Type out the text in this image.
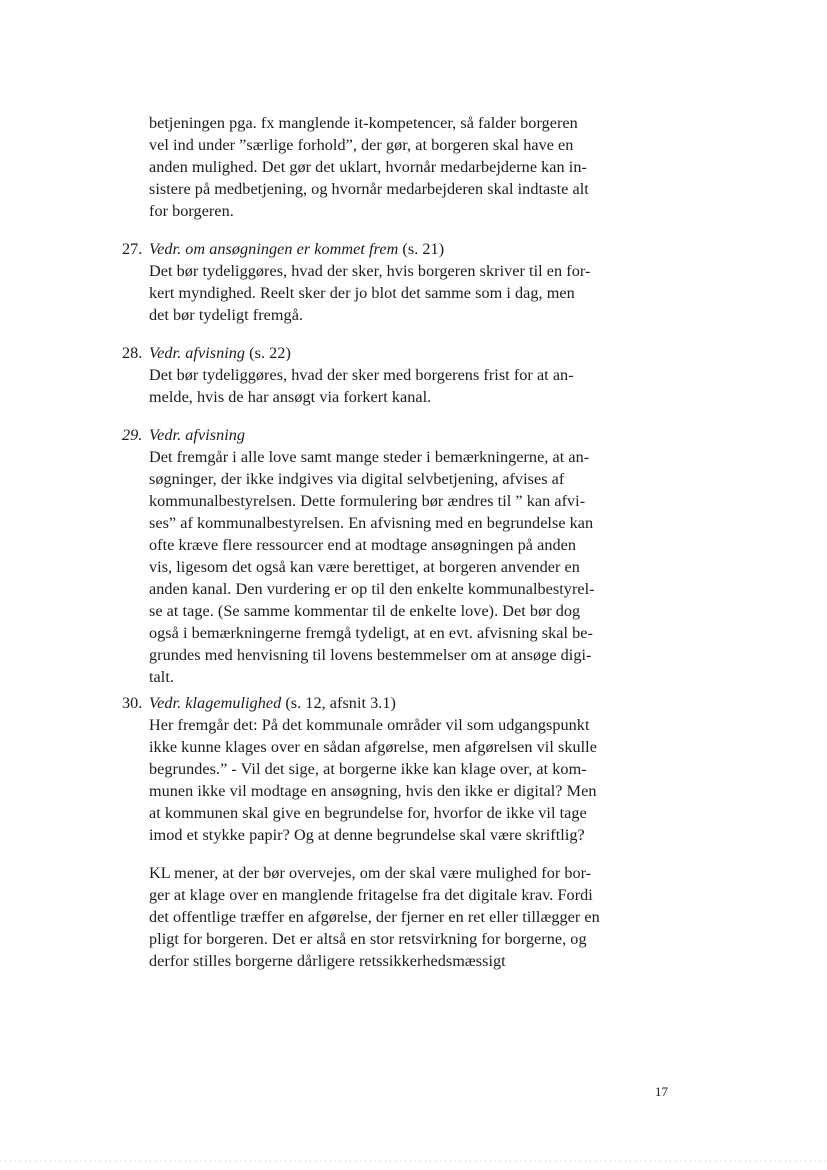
betjeningen pga. fx manglende it-kompetencer, så falder borgeren
vel ind under ”særlige forhold”, der gør, at borgeren skal have en
anden mulighed. Det gør det uklart, hvornår medarbejderne kan in-
sistere på medbetjening, og hvornår medarbejderen skal indtaste alt
for borgeren.
27. Vedr. om ansøgningen er kommet frem (s. 21)
Det bør tydeliggøres, hvad der sker, hvis borgeren skriver til en for-
kert myndighed. Reelt sker der jo blot det samme som i dag, men
det bør tydeligt fremgå.
28. Vedr. afvisning (s. 22)
Det bør tydeliggøres, hvad der sker med borgerens frist for at an-
melde, hvis de har ansøgt via forkert kanal.
29. Vedr. afvisning
Det fremgår i alle love samt mange steder i bemærkningerne, at an-
søgninger, der ikke indgives via digital selvbetjening, afvises af
kommunalbestyrelsen. Dette formulering bør ændres til ” kan afvi-
ses” af kommunalbestyrelsen. En afvisning med en begrundelse kan
ofte kræve flere ressourcer end at modtage ansøgningen på anden
vis, ligesom det også kan være berettiget, at borgeren anvender en
anden kanal. Den vurdering er op til den enkelte kommunalbestyrel-
se at tage. (Se samme kommentar til de enkelte love). Det bør dog
også i bemærkningerne fremgå tydeligt, at en evt. afvisning skal be-
grundes med henvisning til lovens bestemmelser om at ansøge digi-
talt.
30. Vedr. klagemulighed (s. 12, afsnit 3.1)
Her fremgår det: På det kommunale områder vil som udgangspunkt
ikke kunne klages over en sådan afgørelse, men afgørelsen vil skulle
begrundes.” - Vil det sige, at borgerne ikke kan klage over, at kom-
munen ikke vil modtage en ansøgning, hvis den ikke er digital? Men
at kommunen skal give en begrundelse for, hvorfor de ikke vil tage
imod et stykke papir? Og at denne begrundelse skal være skriftlig?
KL mener, at der bør overvejes, om der skal være mulighed for bor-
ger at klage over en manglende fritagelse fra det digitale krav. Fordi
det offentlige træffer en afgørelse, der fjerner en ret eller tillægger en
pligt for borgeren. Det er altså en stor retsvirkning for borgerne, og
derfor stilles borgerne dårligere retssikkerhedsmæssigt
17
